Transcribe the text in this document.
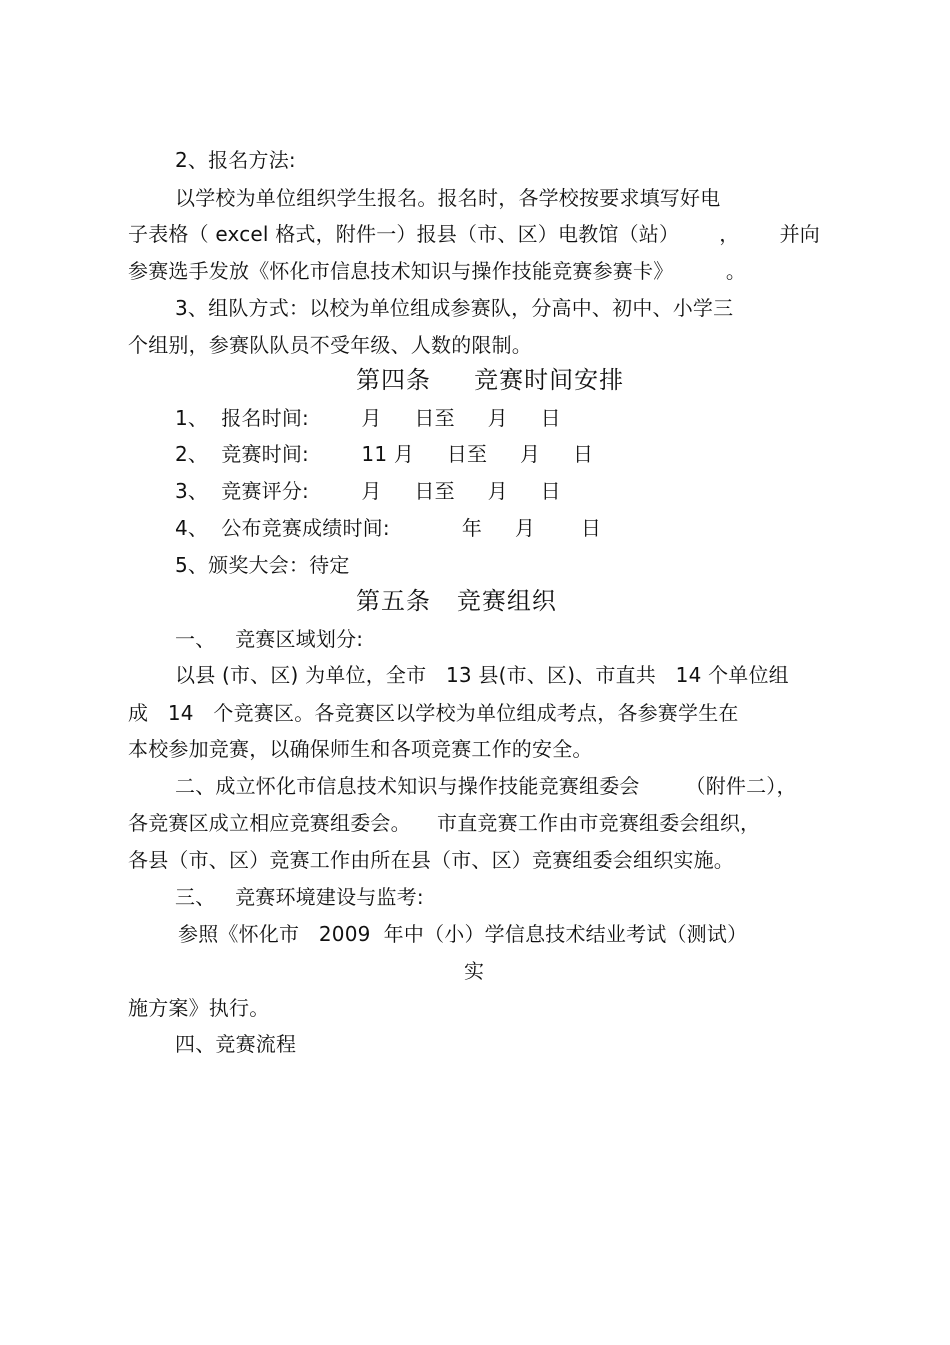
2、报名方法:
以学校为单位组织学生报名。报名时，各学校按要求填写好电
子表格（ excel 格式，附件一）报县（市、区）电教馆（站） ， 并向
参赛选手发放《怀化市信息技术知识与操作技能竞赛参赛卡》        。
3、组队方式：以校为单位组成参赛队，分高中、初中、小学三
个组别，参赛队队员不受年级、人数的限制。
第四条     竞赛时间安排
1、  报名时间:        月     日至     月     日
2、  竞赛时间:        11 月     日至     月     日
3、  竞赛评分:        月     日至     月     日
4、  公布竞赛成绩时间:           年     月       日
5、颁奖大会：待定
第五条   竞赛组织
一、   竞赛区域划分:
以县 (市、区) 为单位，全市   13 县(市、区)、市直共   14 个单位组
成   14   个竞赛区。各竞赛区以学校为单位组成考点，各参赛学生在
本校参加竞赛，以确保师生和各项竞赛工作的安全。
二、成立怀化市信息技术知识与操作技能竞赛组委会       （附件二），
各竞赛区成立相应竞赛组委会。    市直竞赛工作由市竞赛组委会组织，
各县（市、区）竞赛工作由所在县（市、区）竞赛组委会组织实施。
三、   竞赛环境建设与监考:
参照《怀化市   2009  年中（小）学信息技术结业考试（测试）
实
施方案》执行。
四、竞赛流程
